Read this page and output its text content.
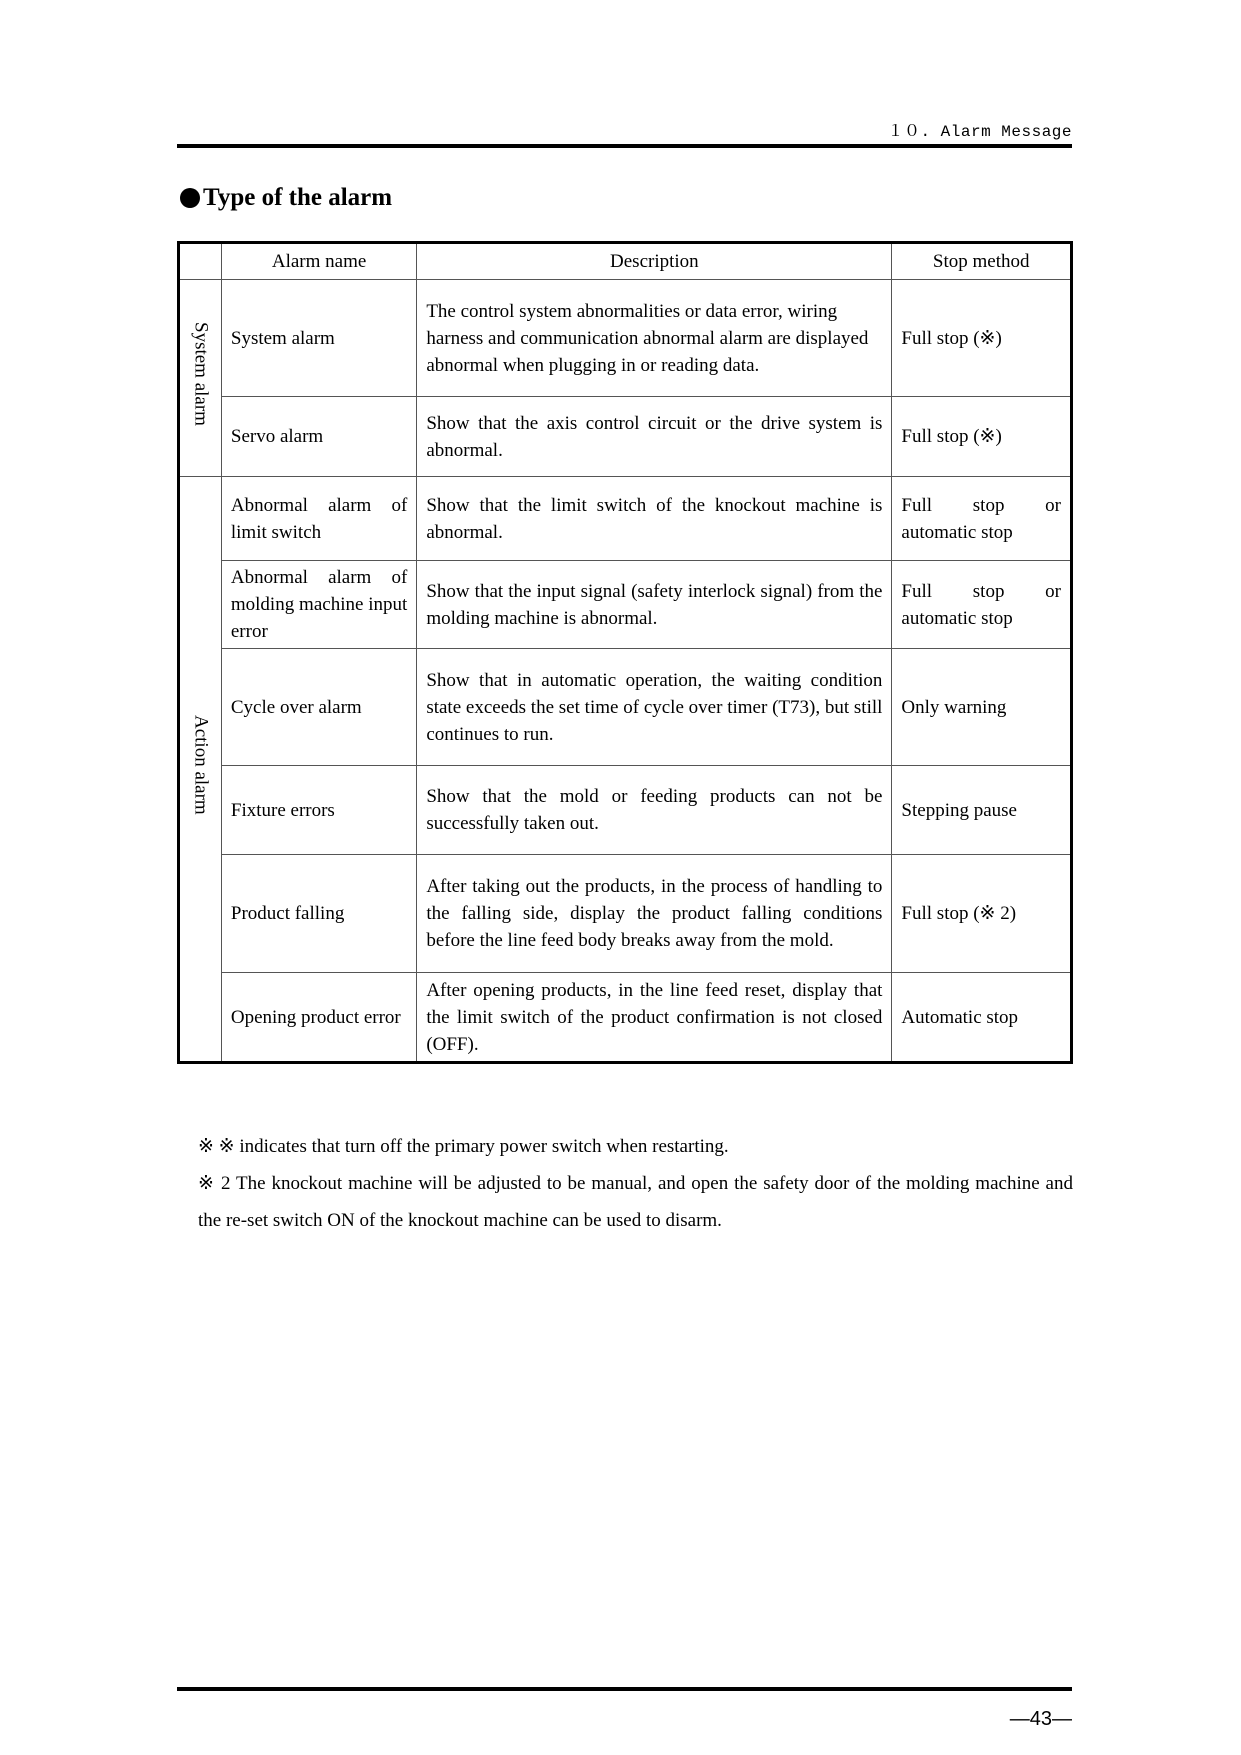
１０. Alarm Message
Type of the alarm
	Alarm name	Description	Stop method
System alarm	System alarm	The control system abnormalities or data error, wiring harness and communication abnormal alarm are displayed abnormal when plugging in or reading data.	Full stop (※)

	Servo alarm	Show that the axis control circuit or the drive system is abnormal.	Full stop (※)

Action alarm	Abnormal alarm of limit switch	Show that the limit switch of the knockout machine is abnormal.	Full stop or automatic stop

	Abnormal alarm of molding machine input error	Show that the input signal (safety interlock signal) from the molding machine is abnormal.	Full stop or automatic stop

	Cycle over alarm	Show that in automatic operation, the waiting condition state exceeds the set time of cycle over timer (T73), but still continues to run.	Only warning

	Fixture errors	Show that the mold or feeding products can not be successfully taken out.	Stepping pause

	Product falling	After taking out the products, in the process of handling to the falling side, display the product falling conditions before the line feed body breaks away from the mold.	Full stop (※ 2)

	Opening product error	After opening products, in the line feed reset, display that the limit switch of the product confirmation is not closed (OFF).	Automatic stop

※ ※ indicates that turn off the primary power switch when restarting.

※ 2 The knockout machine will be adjusted to be manual, and open the safety door of the molding machine and the re-set switch ON of the knockout machine can be used to disarm.

—43—
